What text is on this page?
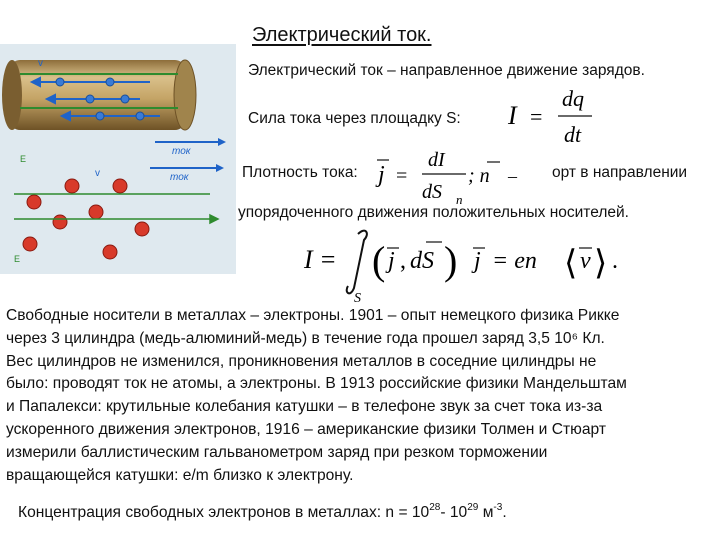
Электрический ток.
ток
v
ток
v
E
E
Электрический ток – направленное движение зарядов.
Сила тока через площадку S: I =
dq
dt
Плотность тока: j =
dI
dS n
; n – орт в направлении
упорядоченного движения положительных носителей.
I =
S
( j , dS ) j = en ⟨ v ⟩ .
Свободные носители в металлах – электроны. 1901 – опыт немецкого физика Рикке
через 3 цилиндра (медь-алюминий-медь) в течение года прошел заряд 3,5 10⁶ Кл.
Вес цилиндров не изменился, проникновения металлов в соседние цилиндры не
было: проводят ток не атомы, а электроны. В 1913 российские физики Мандельштам
и Папалекси: крутильные колебания катушки – в телефоне звук за счет тока из-за
ускоренного движения электронов, 1916 – американские физики Толмен и Стюарт
измерили баллистическим гальванометром заряд при резком торможении
вращающейся катушки: e/m близко к электрону.
Концентрация свободных электронов в металлах: $n = 10^{28}-$ $10^{29}$ $м^{-3}$.
